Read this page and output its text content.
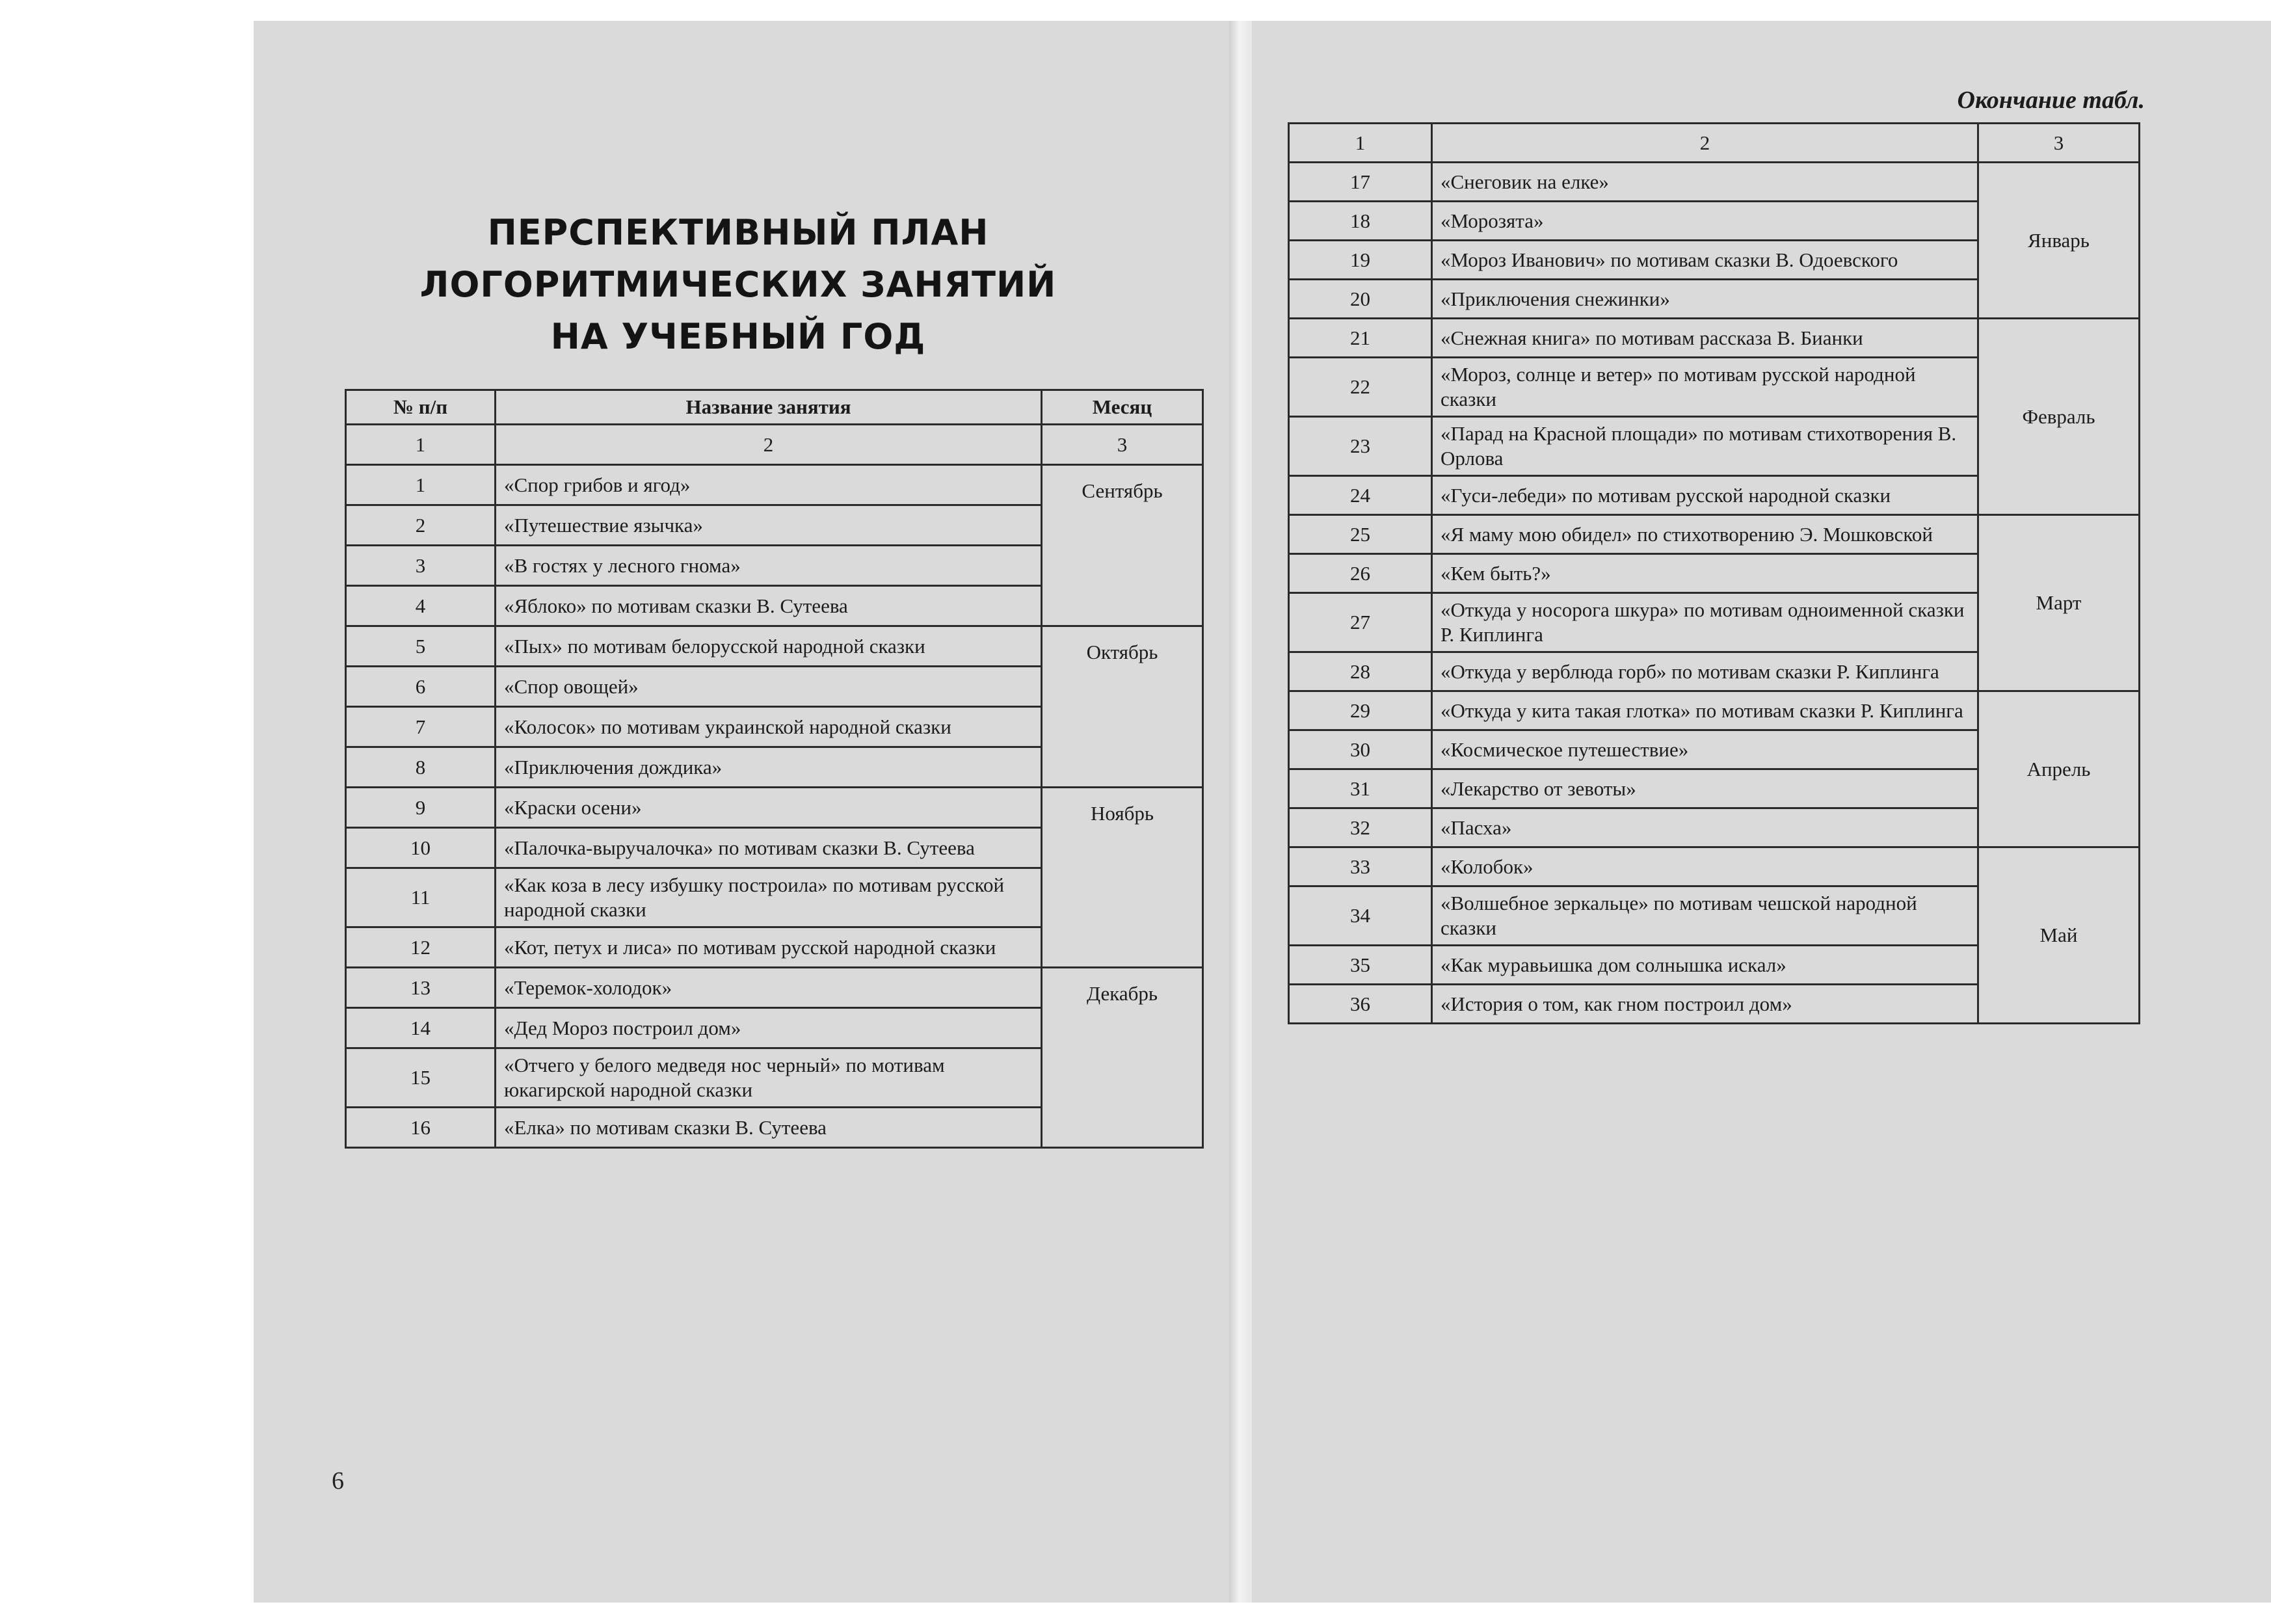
ПЕРСПЕКТИВНЫЙ ПЛАН
ЛОГОРИТМИЧЕСКИХ ЗАНЯТИЙ
НА УЧЕБНЫЙ ГОД
№ п/п	Название занятия	Месяц
1	2	3
1	«Спор грибов и ягод»	Сентябрь
2	«Путешествие язычка»	
3	«В гостях у лесного гнома»	
4	«Яблоко» по мотивам сказки В. Сутеева	
5	«Пых» по мотивам белорусской народной сказки	Октябрь
6	«Спор овощей»	
7	«Колосок» по мотивам украинской народной сказки	
8	«Приключения дождика»	
9	«Краски осени»	Ноябрь
10	«Палочка-выручалочка» по мотивам сказки В. Сутеева	
11	«Как коза в лесу избушку построила» по мотивам русской народной сказки	
12	«Кот, петух и лиса» по мотивам русской народной сказки	
13	«Теремок-холодок»	Декабрь
14	«Дед Мороз построил дом»	
15	«Отчего у белого медведя нос черный» по мотивам юкагирской народной сказки	
16	«Елка» по мотивам сказки В. Сутеева	
6
Окончание табл.
1	2	3
17	«Снеговик на елке»	Январь
18	«Морозята»	
19	«Мороз Иванович» по мотивам сказки В. Одоевского	
20	«Приключения снежинки»	
21	«Снежная книга» по мотивам рассказа В. Бианки	Февраль
22	«Мороз, солнце и ветер» по мотивам русской народной сказки	
23	«Парад на Красной площади» по мотивам стихотворения В. Орлова	
24	«Гуси-лебеди» по мотивам русской народной сказки	
25	«Я маму мою обидел» по стихотворению Э. Мошковской	Март
26	«Кем быть?»	
27	«Откуда у носорога шкура» по мотивам одноименной сказки Р. Киплинга	
28	«Откуда у верблюда горб» по мотивам сказки Р. Киплинга	
29	«Откуда у кита такая глотка» по мотивам сказки Р. Киплинга	Апрель
30	«Космическое путешествие»	
31	«Лекарство от зевоты»	
32	«Пасха»	
33	«Колобок»	Май
34	«Волшебное зеркальце» по мотивам чешской народной сказки	
35	«Как муравьишка дом солнышка искал»	
36	«История о том, как гном построил дом»	
